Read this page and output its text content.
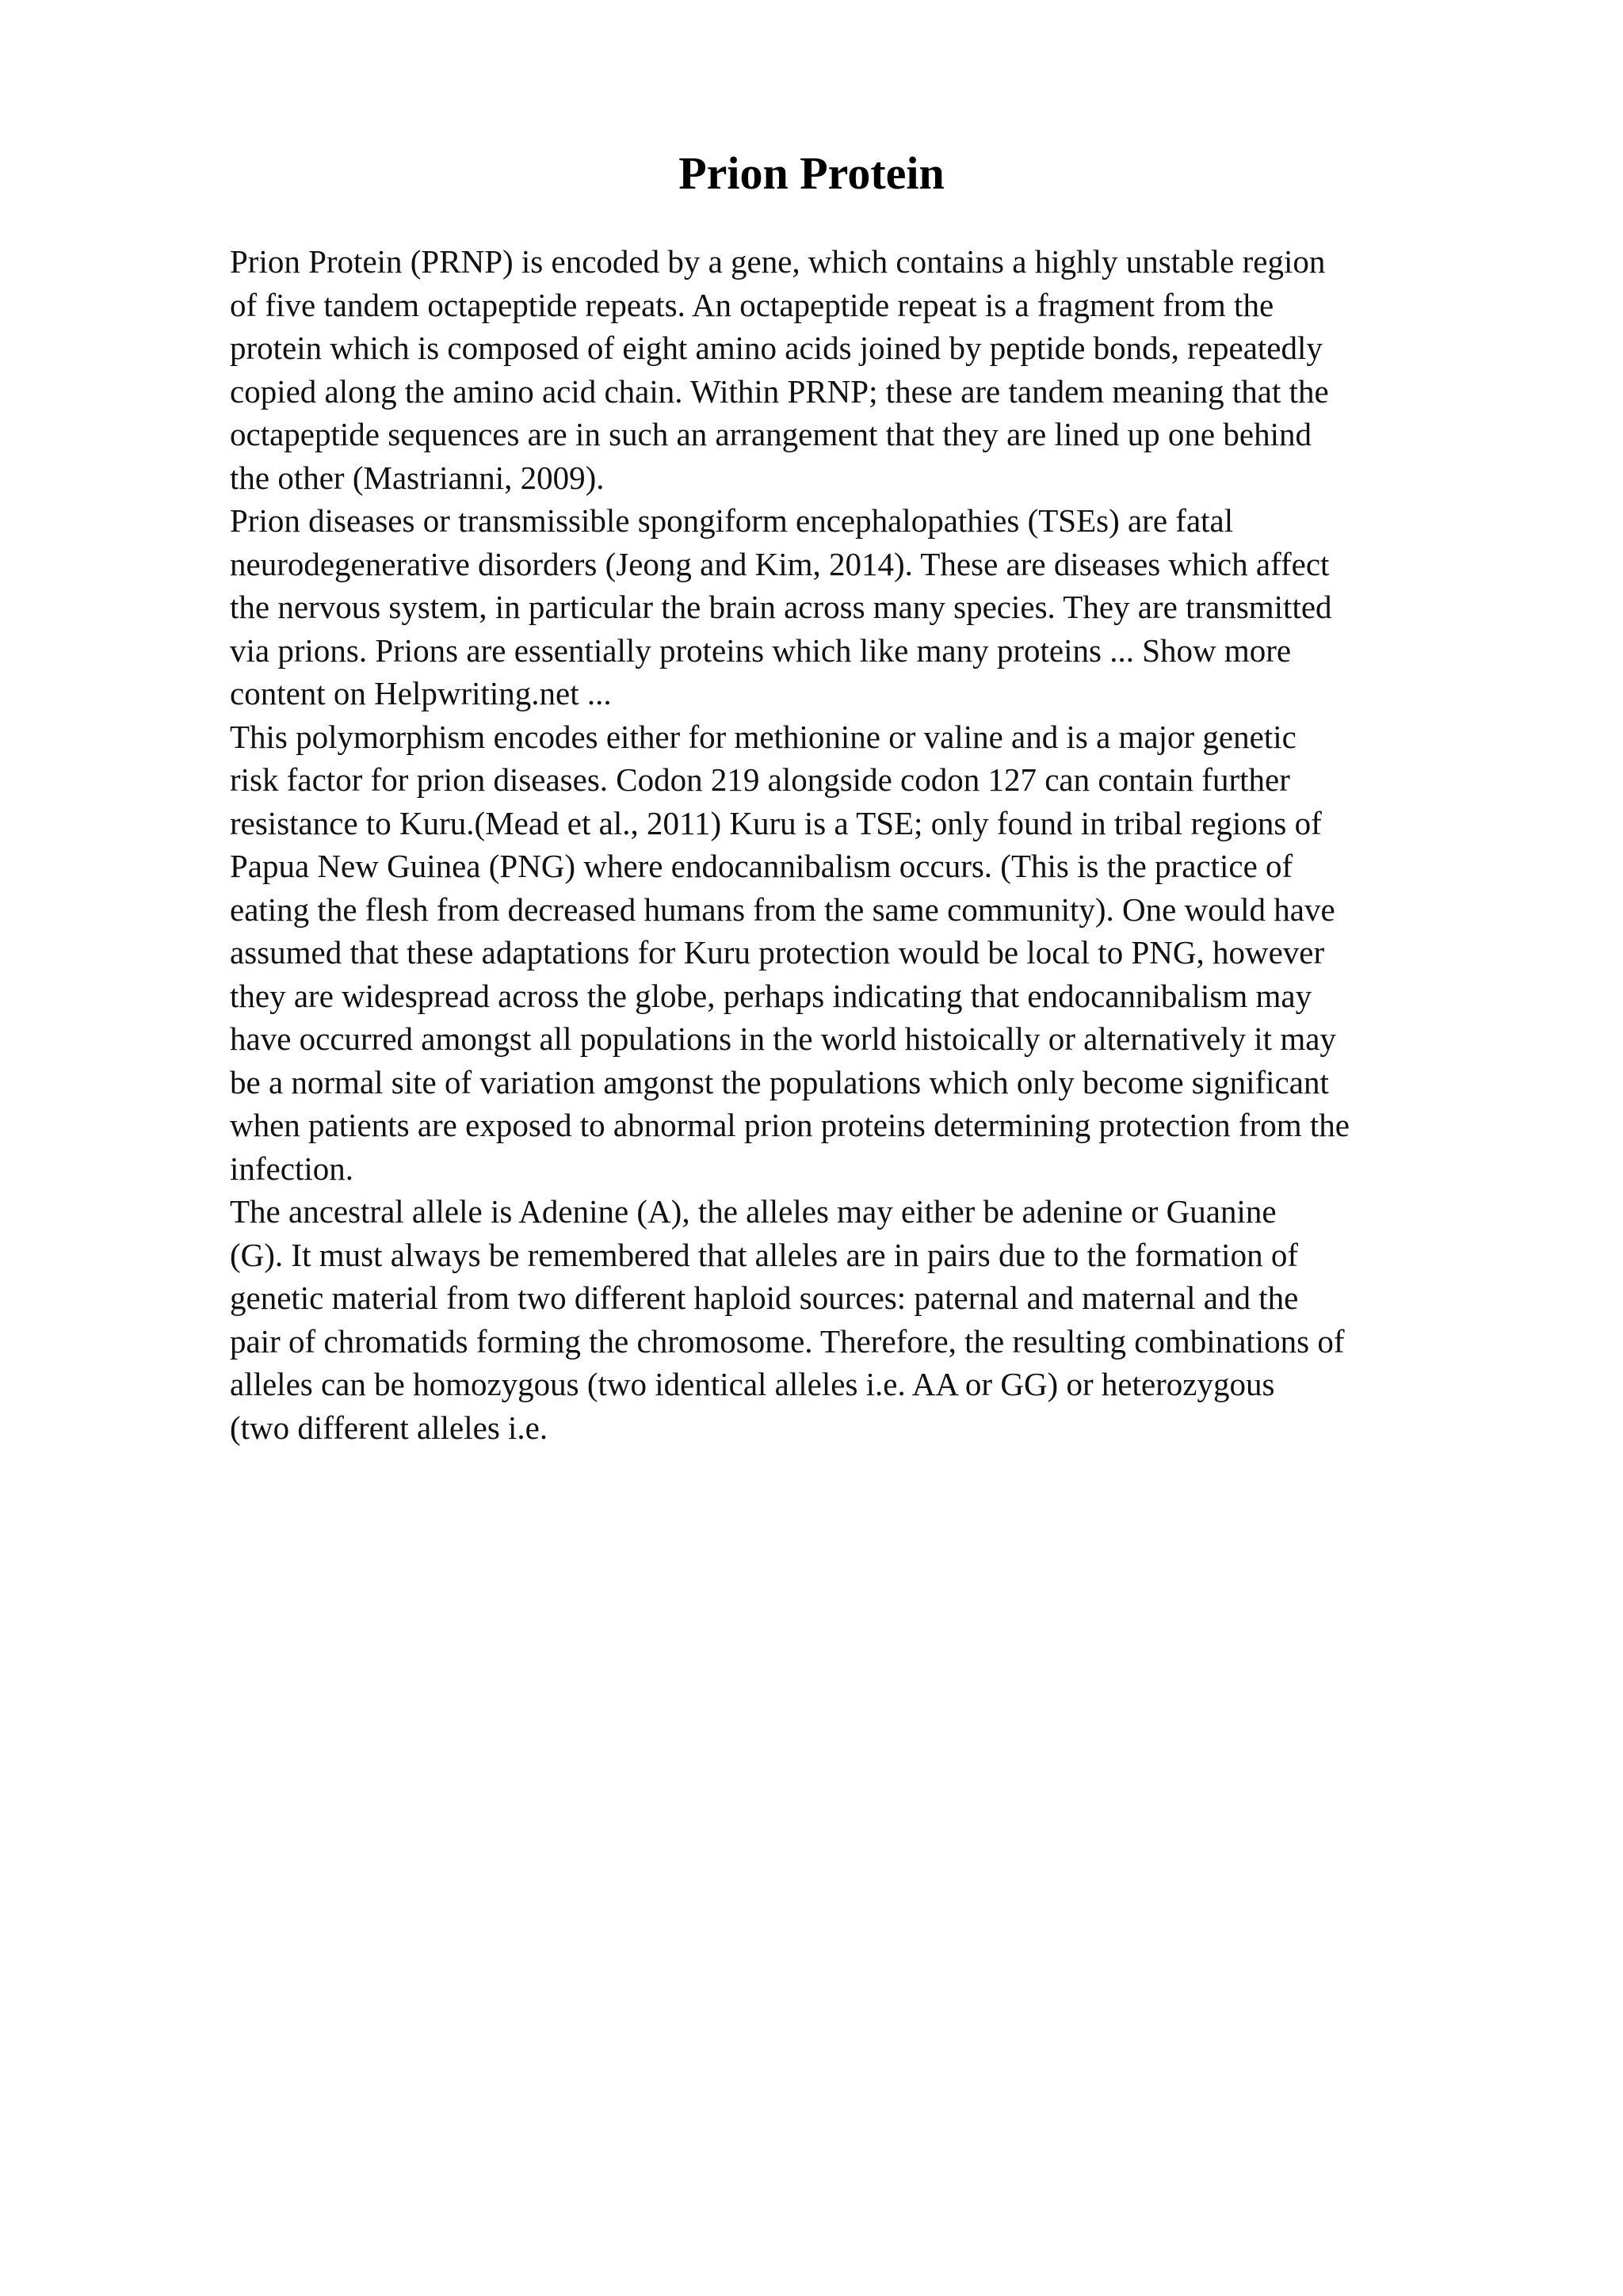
Prion Protein

Prion Protein (PRNP) is encoded by a gene, which contains a highly unstable region
of five tandem octapeptide repeats. An octapeptide repeat is a fragment from the
protein which is composed of eight amino acids joined by peptide bonds, repeatedly
copied along the amino acid chain. Within PRNP; these are tandem meaning that the
octapeptide sequences are in such an arrangement that they are lined up one behind
the other (Mastrianni, 2009).

Prion diseases or transmissible spongiform encephalopathies (TSEs) are fatal
neurodegenerative disorders (Jeong and Kim, 2014). These are diseases which affect
the nervous system, in particular the brain across many species. They are transmitted
via prions. Prions are essentially proteins which like many proteins ... Show more
content on Helpwriting.net ...

This polymorphism encodes either for methionine or valine and is a major genetic
risk factor for prion diseases. Codon 219 alongside codon 127 can contain further
resistance to Kuru.(Mead et al., 2011) Kuru is a TSE; only found in tribal regions of
Papua New Guinea (PNG) where endocannibalism occurs. (This is the practice of
eating the flesh from decreased humans from the same community). One would have
assumed that these adaptations for Kuru protection would be local to PNG, however
they are widespread across the globe, perhaps indicating that endocannibalism may
have occurred amongst all populations in the world histoically or alternatively it may
be a normal site of variation amgonst the populations which only become significant
when patients are exposed to abnormal prion proteins determining protection from the
infection.

The ancestral allele is Adenine (A), the alleles may either be adenine or Guanine
(G). It must always be remembered that alleles are in pairs due to the formation of
genetic material from two different haploid sources: paternal and maternal and the
pair of chromatids forming the chromosome. Therefore, the resulting combinations of
alleles can be homozygous (two identical alleles i.e. AA or GG) or heterozygous
(two different alleles i.e.
